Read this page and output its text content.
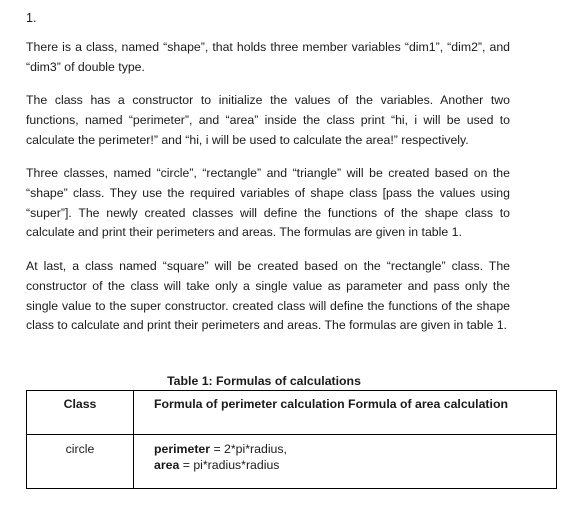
1.

There is a class, named “shape”, that holds three member variables “dim1”, “dim2”, and “dim3” of double type.

The class has a constructor to initialize the values of the variables. Another two functions, named “perimeter”, and “area” inside the class print “hi, i will be used to calculate the perimeter!” and “hi, i will be used to calculate the area!” respectively.

Three classes, named “circle”, “rectangle” and “triangle” will be created based on the “shape” class. They use the required variables of shape class [pass the values using “super”]. The newly created classes will define the functions of the shape class to calculate and print their perimeters and areas. The formulas are given in table 1.

At last, a class named “square” will be created based on the “rectangle” class. The constructor of the class will take only a single value as parameter and pass only the single value to the super constructor. created class will define the functions of the shape class to calculate and print their perimeters and areas. The formulas are given in table 1.

Table 1: Formulas of calculations
Class	Formula of perimeter calculation Formula of area calculation
circle	perimeter = 2*pi*radius,
area = pi*radius*radius
